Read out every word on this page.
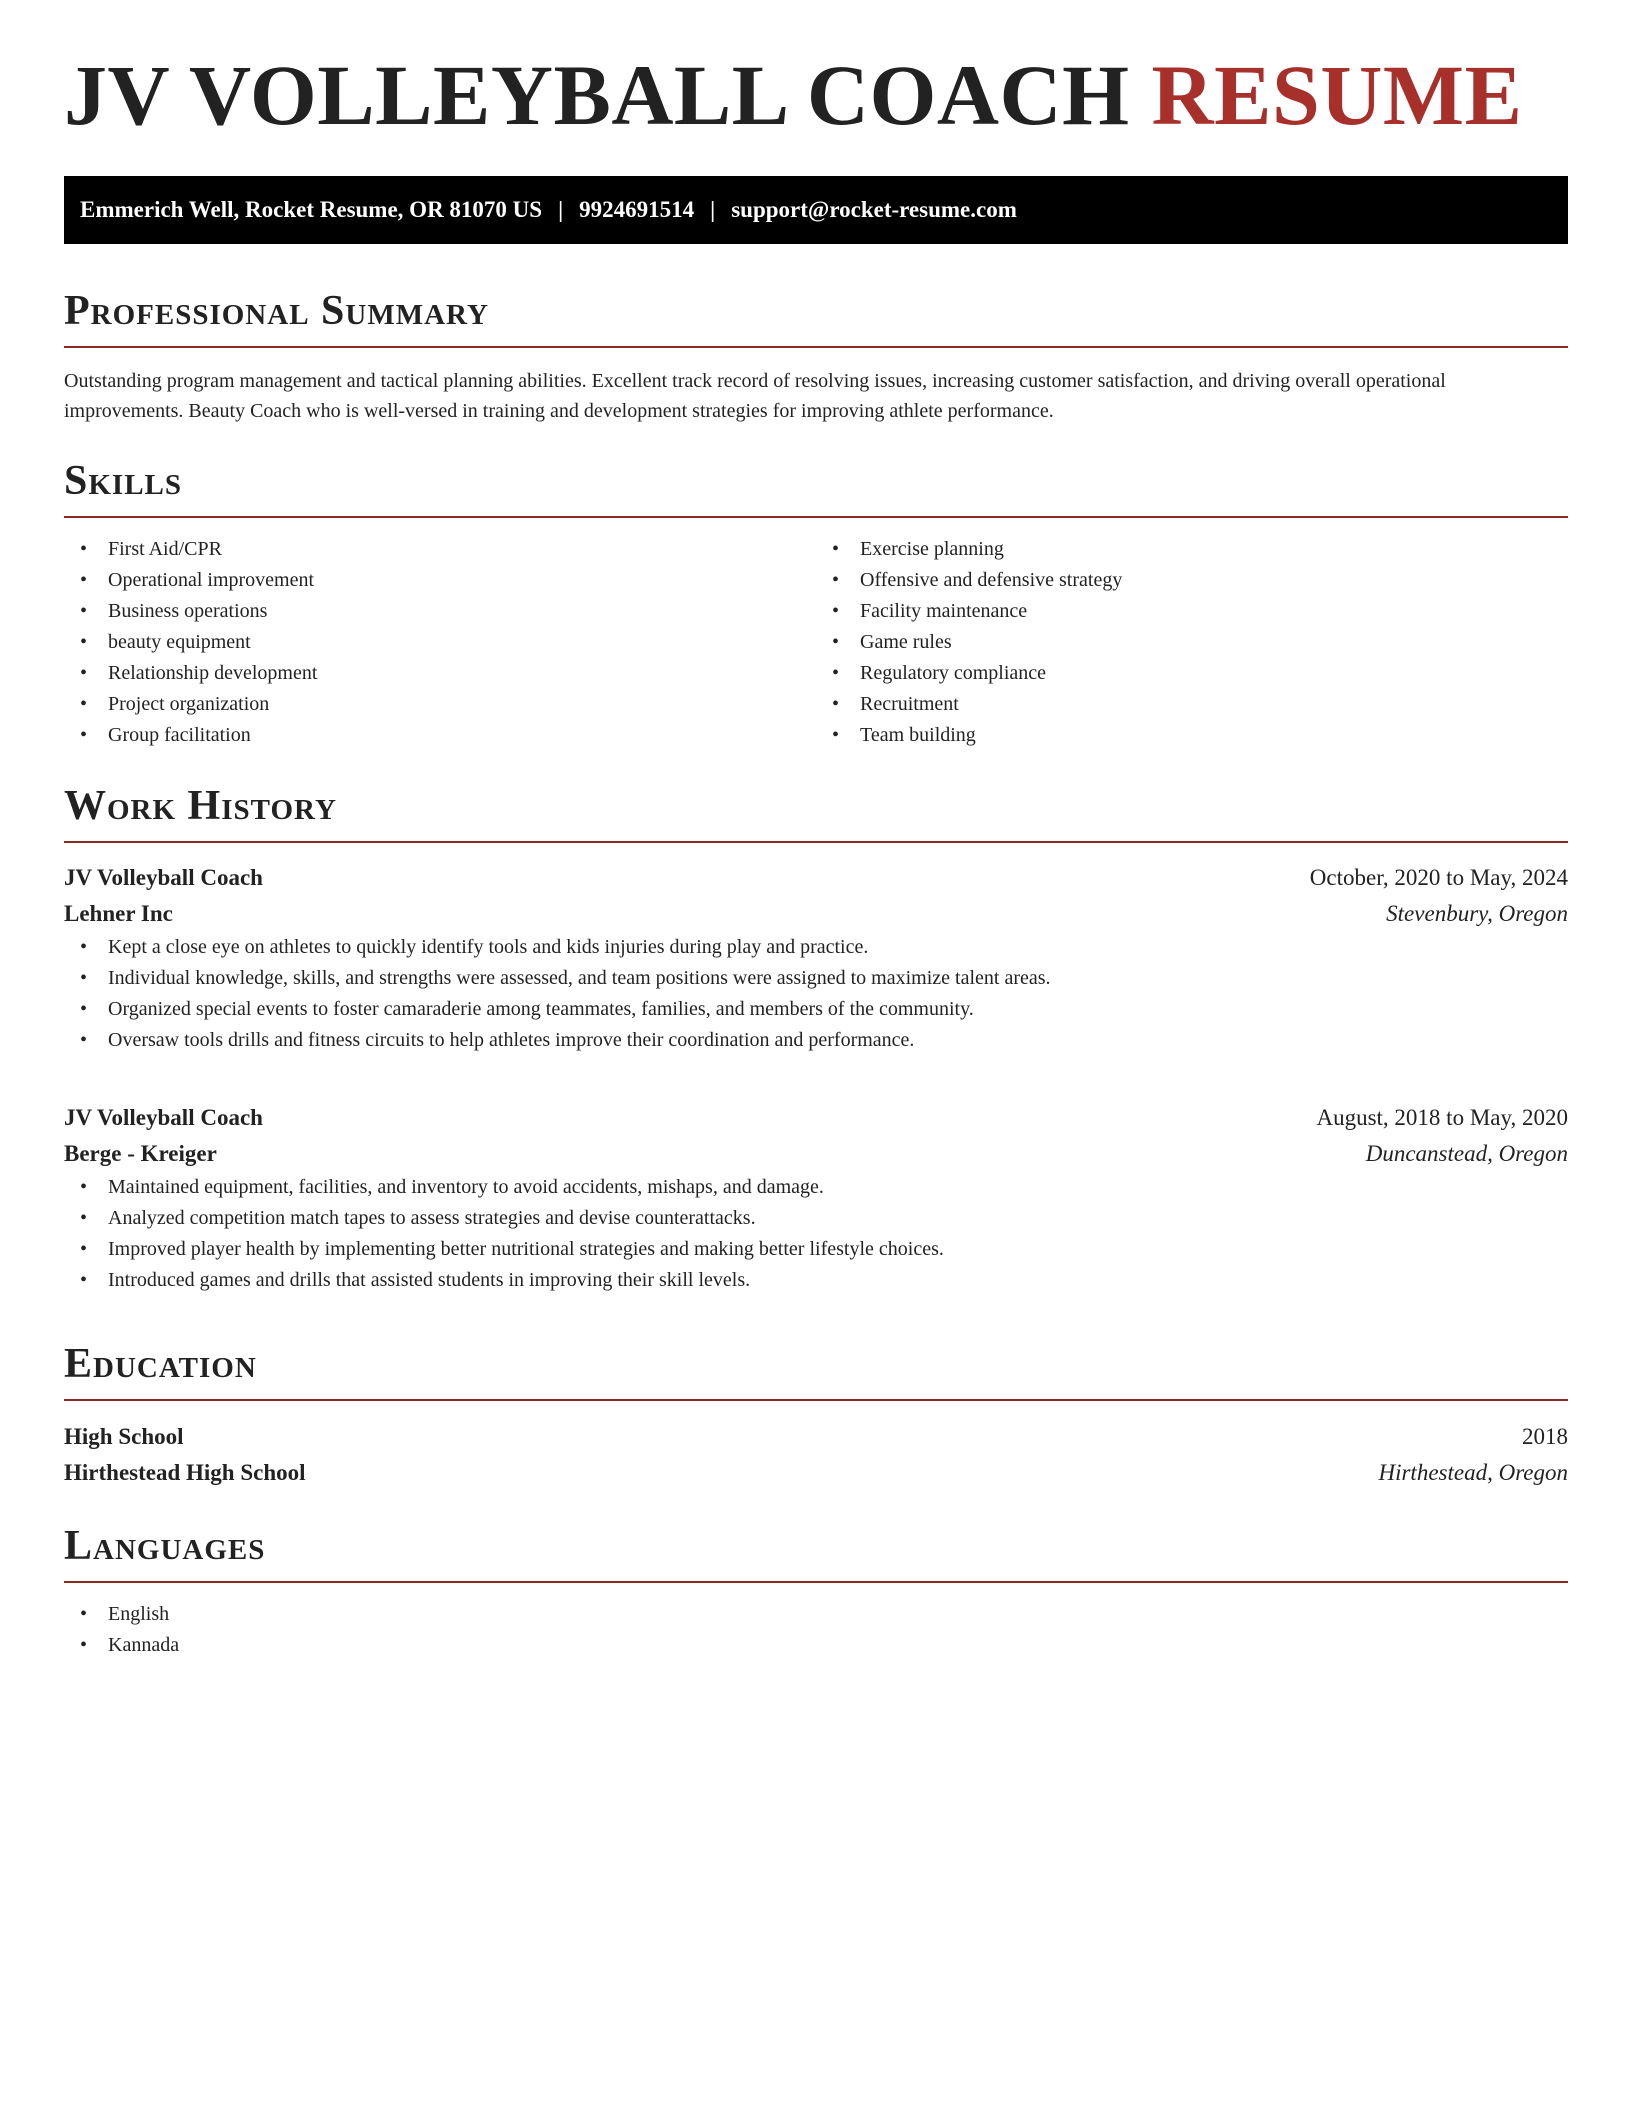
JV VOLLEYBALL COACH RESUME
Emmerich Well, Rocket Resume, OR 81070 US | 9924691514 | support@rocket-resume.com
Professional Summary

Outstanding program management and tactical planning abilities. Excellent track record of resolving issues, increasing customer satisfaction, and driving overall operational improvements. Beauty Coach who is well-versed in training and development strategies for improving athlete performance.

Skills
• First Aid/CPR
• Operational improvement
• Business operations
• beauty equipment
• Relationship development
• Project organization
• Group facilitation
• Exercise planning
• Offensive and defensive strategy
• Facility maintenance
• Game rules
• Regulatory compliance
• Recruitment
• Team building
Work History
JV Volleyball Coach	October, 2020 to May, 2024
Lehner Inc	Stevenbury, Oregon
• Kept a close eye on athletes to quickly identify tools and kids injuries during play and practice.
• Individual knowledge, skills, and strengths were assessed, and team positions were assigned to maximize talent areas.
• Organized special events to foster camaraderie among teammates, families, and members of the community.
• Oversaw tools drills and fitness circuits to help athletes improve their coordination and performance.
JV Volleyball Coach	August, 2018 to May, 2020
Berge - Kreiger	Duncanstead, Oregon
• Maintained equipment, facilities, and inventory to avoid accidents, mishaps, and damage.
• Analyzed competition match tapes to assess strategies and devise counterattacks.
• Improved player health by implementing better nutritional strategies and making better lifestyle choices.
• Introduced games and drills that assisted students in improving their skill levels.
Education
High School	2018
Hirthestead High School	Hirthestead, Oregon
Languages
• English
• Kannada
